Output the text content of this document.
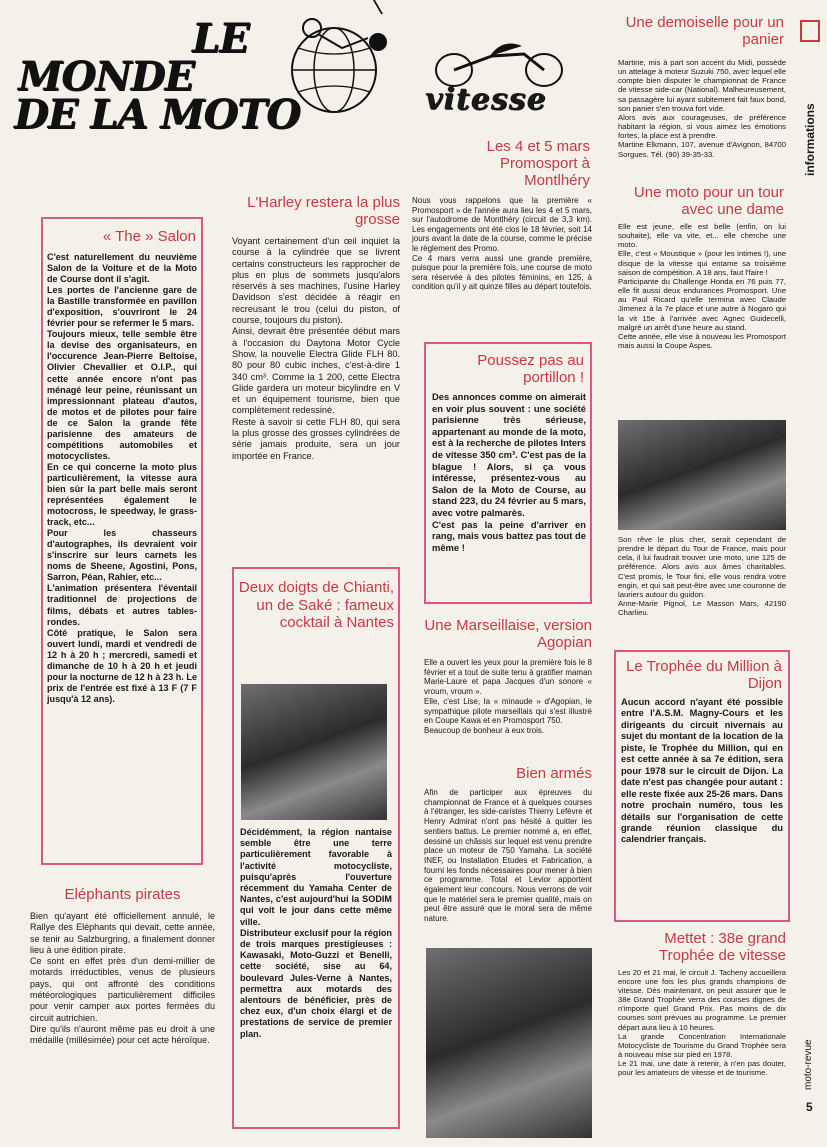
LE
MONDE
DE LA MOTO	vitesse
« The » Salon
C'est naturellement du neuvième Salon de la Voiture et de la Moto de Course dont il s'agit.
Les portes de l'ancienne gare de la Bastille transformée en pavillon d'exposition, s'ouvriront le 24 février pour se refermer le 5 mars.
Toujours mieux, telle semble être la devise des organisateurs, en l'occurence Jean-Pierre Beltoise, Olivier Chevallier et O.I.P., qui cette année encore n'ont pas ménagé leur peine, réunissant un impressionnant plateau d'autos, de motos et de pilotes pour faire de ce Salon la grande fête parisienne des amateurs de compétitions automobiles et motocyclistes.
En ce qui concerne la moto plus particulièrement, la vitesse aura bien sûr la part belle mais seront représentées également le motocross, le speedway, le grass-track, etc...
Pour les chasseurs d'autographes, ils devraient voir s'inscrire sur leurs carnets les noms de Sheene, Agostini, Pons, Sarron, Péan, Rahier, etc...
L'animation présentera l'éventail traditionnel de projections de films, débats et autres tables-rondes.
Côté pratique, le Salon sera ouvert lundi, mardi et vendredi de 12 h à 20 h ; mercredi, samedi et dimanche de 10 h à 20 h et jeudi pour la nocturne de 12 h à 23 h. Le prix de l'entrée est fixé à 13 F (7 F jusqu'à 12 ans).
Eléphants pirates
Bien qu'ayant été officiellement annulé, le Rallye des Eléphants qui devait, cette année, se tenir au Salzburgring, a finalement donner lieu à une édition pirate.
Ce sont en effet près d'un demi-millier de motards irréductibles, venus de plusieurs pays, qui ont affronté des conditions météorologiques particulièrement difficiles pour venir camper aux portes fermées du circuit autrichien.
Dire qu'ils n'auront même pas eu droit à une médaille (millésimée) pour cet acte héroïque.
L'Harley restera la plus grosse
Voyant certainement d'un œil inquiet la course à la cylindrée que se livrent certains constructeurs les rapprocher de plus en plus de sommets jusqu'alors réservés à ses machines, l'usine Harley Davidson s'est décidée à réagir en recreusant le trou (celui du piston, of course, toujours du piston).
Ainsi, devrait être présentée début mars à l'occasion du Daytona Motor Cycle Show, la nouvelle Electra Glide FLH 80. 80 pour 80 cubic inches, c'est-à-dire 1 340 cm³. Comme la 1 200, cette Electra Glide gardera un moteur bicylindre en V et un équipement tourisme, bien que complètement redessiné.
Reste à savoir si cette FLH 80, qui sera la plus grosse des grosses cylindrées de série jamais produite, sera un jour importée en France.
Deux doigts de Chianti, un de Saké : fameux cocktail à Nantes
Décidémment, la région nantaise semble être une terre particulièrement favorable à l'activité motocycliste, puisqu'après l'ouverture récemment du Yamaha Center de Nantes, c'est aujourd'hui la SODIM qui voit le jour dans cette même ville.
Distributeur exclusif pour la région de trois marques prestigieuses : Kawasaki, Moto-Guzzi et Benelli, cette société, sise au 64, boulevard Jules-Verne à Nantes, permettra aux motards des alentours de bénéficier, près de chez eux, d'un choix élargi et de prestations de service de premier plan.
Les 4 et 5 mars Promosport à Montlhéry
Nous vous rappelons que la première « Promosport » de l'année aura lieu les 4 et 5 mars, sur l'autodrome de Montlhéry (circuit de 3,3 km). Les engagements ont été clos le 18 février, soit 14 jours avant la date de la course, comme le précise le règlement des Promo.
Ce 4 mars verra aussi une grande première, puisque pour la première fois, une course de moto sera réservée à des pilotes féminins, en 125, à condition qu'il y ait quinze filles au départ toutefois.
Poussez pas au portillon !
Des annonces comme on aimerait en voir plus souvent : une société parisienne très sérieuse, appartenant au monde de la moto, est à la recherche de pilotes Inters de vitesse 350 cm³. C'est pas de la blague ! Alors, si ça vous intéresse, présentez-vous au Salon de la Moto de Course, au stand 223, du 24 février au 5 mars, avec votre palmarès.
C'est pas la peine d'arriver en rang, mais vous battez pas tout de même !
Une Marseillaise, version Agopian
Elle a ouvert les yeux pour la première fois le 8 février et a tout de suite tenu à gratifier maman Marie-Laure et papa Jacques d'un sonore « vroum, vroum ».
Elle, c'est Lise, la « minaude » d'Agopian, le sympathique pilote marseillais qui s'est illustré en Coupe Kawa et en Promosport 750.
Beaucoup de bonheur à eux trois.
Bien armés
Afin de participer aux épreuves du championnat de France et à quelques courses à l'étranger, les side-caristes Thierry Lefèvre et Henry Admirat n'ont pas hésité à quitter les sentiers battus. Le premier nommé a, en effet, dessiné un châssis sur lequel est venu prendre place un moteur de 750 Yamaha. La société INEF, ou Installation Etudes et Fabrication, a fourni les fonds nécessaires pour mener à bien ce programme. Total et Levior apportent également leur concours. Nous verrons de voir que le matériel sera le premier qualité, mais on peut être assuré que le moral sera de même nature.
Une demoiselle pour un panier
Martine, mis à part son accent du Midi, possède un attelage à moteur Suzuki 750, avec lequel elle compte bien disputer le championnat de France de vitesse side-car (National). Malheureusement, sa passagère lui ayant subitement fait faux bond, son panier s'en trouva fort vide.
Alors avis aux courageuses, de préférence habitant la région, si vous aimez les émotions fortes, la place est à prendre.
Martine Elkmann, 107, avenue d'Avignon, 84700 Sorgues. Tél. (90) 39-35-33.
Une moto pour un tour avec une dame
Elle est jeune, elle est belle (enfin, on lui souhaite), elle va vite, et... elle cherche une moto.
Elle, c'est « Moustique » (pour les intimes !), une disque de la vitesse qui entame sa troisième saison de compétition. A 18 ans, faut l'faire !
Participante du Challenge Honda en 76 puis 77, elle fit aussi deux endurances Promosport. Une au Paul Ricard qu'elle termina avec Claude Jimenez à la 7e place et une autre à Nogaro qui la vit 15e à l'arrivée avec Agnec Guidecelli, malgré un arrêt d'une heure au stand.
Cette année, elle vise à nouveau les Promosport mais aussi la Coupe Aspes.
Son rêve le plus cher, serait cependant de prendre le départ du Tour de France, mais pour cela, il lui faudrait trouver une moto, une 125 de préférence. Alors avis aux âmes charitables. C'est promis, le Tour fini, elle vous rendra votre engin, et qui sait peut-être avec une couronne de lauriers autour du guidon.
Anne-Marie Pignol, Le Masson Mars, 42190 Charlieu.
Le Trophée du Million à Dijon
Aucun accord n'ayant été possible entre l'A.S.M. Magny-Cours et les dirigeants du circuit nivernais au sujet du montant de la location de la piste, le Trophée du Million, qui en est cette année à sa 7e édition, sera pour 1978 sur le circuit de Dijon. La date n'est pas changée pour autant : elle reste fixée aux 25-26 mars. Dans notre prochain numéro, tous les détails sur l'organisation de cette grande réunion classique du calendrier français.
Mettet : 38e grand Trophée de vitesse
Les 20 et 21 mai, le circuit J. Tacheny accueillera encore une fois les plus grands champions de vitesse. Dès maintenant, on peut assurer que le 38e Grand Trophée verra des courses dignes de n'importe quel Grand Prix. Pas moins de dix courses sont prévues au programme. Le premier départ aura lieu à 10 heures.
La grande Concentration Internationale Motocycliste de Tourisme du Grand Trophée sera à nouveau mise sur pied en 1978.
Le 21 mai, une date à retenir, à n'en pas douter, pour les amateurs de vitesse et de tourisme.
informations
moto-revue
5
